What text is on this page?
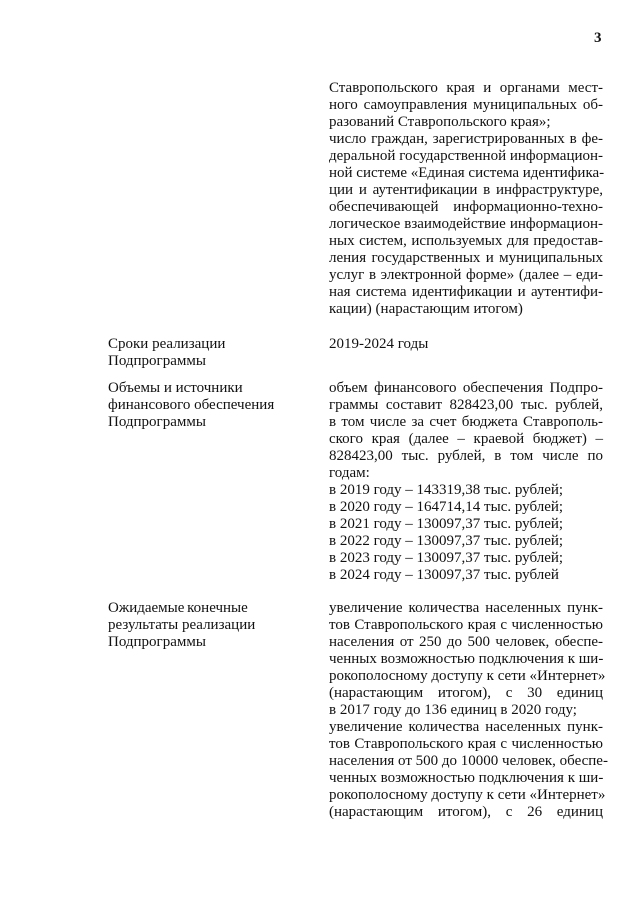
3
Ставропольского края и органами мест-
ного самоуправления муниципальных об-
разований Ставропольского края»;
число граждан, зарегистрированных в фе-
деральной государственной информацион-
ной системе «Единая система идентифика-
ции и аутентификации в инфраструктуре,
обеспечивающей информационно-техно-
логическое взаимодействие информацион-
ных систем, используемых для предостав-
ления государственных и муниципальных
услуг в электронной форме» (далее – еди-
ная система идентификации и аутентифи-
кации) (нарастающим итогом)
Сроки реализации
Подпрограммы
2019-2024 годы
Объемы и источники
финансового обеспечения
Подпрограммы
объем финансового обеспечения Подпро-
граммы составит 828423,00 тыс. рублей,
в том числе за счет бюджета Ставрополь-
ского края (далее – краевой бюджет) –
828423,00 тыс. рублей, в том числе по
годам:
в 2019 году – 143319,38 тыс. рублей;
в 2020 году – 164714,14 тыс. рублей;
в 2021 году – 130097,37 тыс. рублей;
в 2022 году – 130097,37 тыс. рублей;
в 2023 году – 130097,37 тыс. рублей;
в 2024 году – 130097,37 тыс. рублей
Ожидаемые конечные
результаты реализации
Подпрограммы
увеличение количества населенных пунк-
тов Ставропольского края с численностью
населения от 250 до 500 человек, обеспе-
ченных возможностью подключения к ши-
рокополосному доступу к сети «Интернет»
(нарастающим итогом), с 30 единиц
в 2017 году до 136 единиц в 2020 году;
увеличение количества населенных пунк-
тов Ставропольского края с численностью
населения от 500 до 10000 человек, обеспе-
ченных возможностью подключения к ши-
рокополосному доступу к сети «Интернет»
(нарастающим итогом), с 26 единиц
